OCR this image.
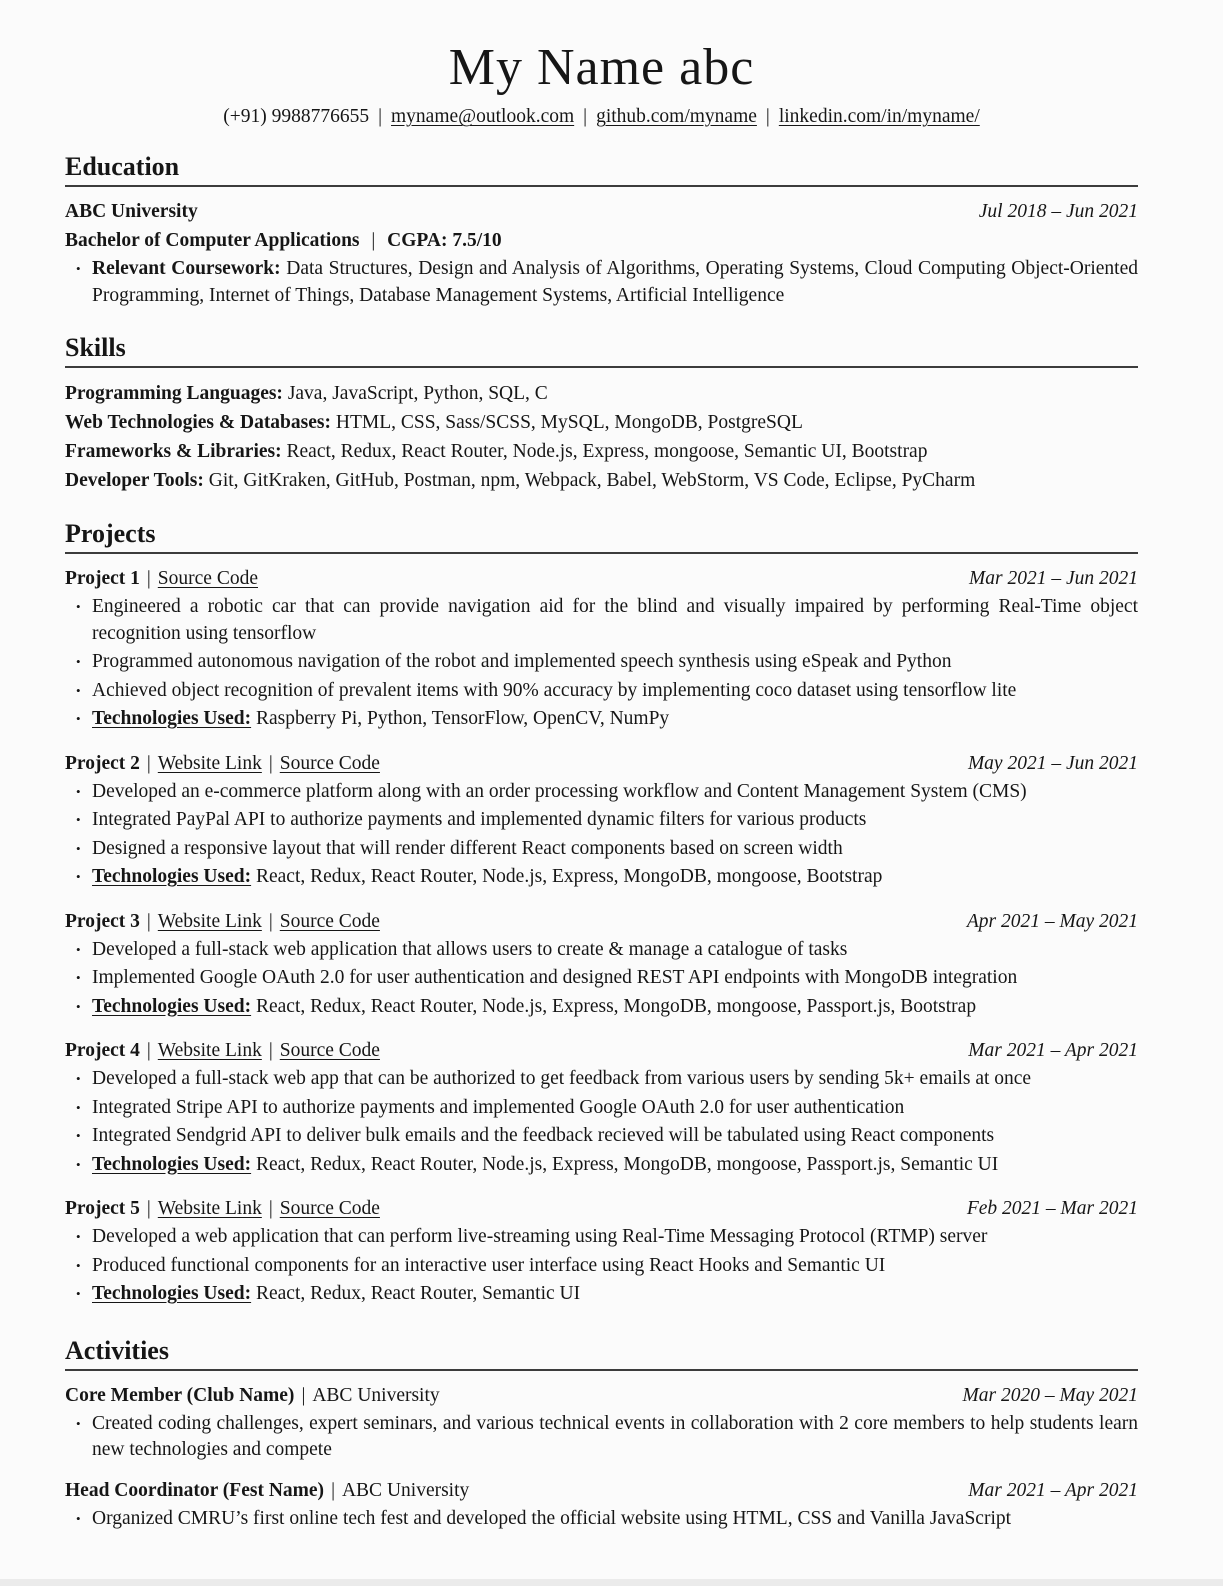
My Name abc
(+91) 9988776655 | myname@outlook.com | github.com/myname | linkedin.com/in/myname/
Education
ABC University	Jul 2018 – Jun 2021
Bachelor of Computer Applications | CGPA: 7.5/10
• Relevant Coursework: Data Structures, Design and Analysis of Algorithms, Operating Systems, Cloud Computing Object-Oriented Programming, Internet of Things, Database Management Systems, Artificial Intelligence
Skills
Programming Languages: Java, JavaScript, Python, SQL, C
Web Technologies & Databases: HTML, CSS, Sass/SCSS, MySQL, MongoDB, PostgreSQL
Frameworks & Libraries: React, Redux, React Router, Node.js, Express, mongoose, Semantic UI, Bootstrap
Developer Tools: Git, GitKraken, GitHub, Postman, npm, Webpack, Babel, WebStorm, VS Code, Eclipse, PyCharm
Projects
Project 1 | Source Code	Mar 2021 – Jun 2021
• Engineered a robotic car that can provide navigation aid for the blind and visually impaired by performing Real-Time object recognition using tensorflow
• Programmed autonomous navigation of the robot and implemented speech synthesis using eSpeak and Python
• Achieved object recognition of prevalent items with 90% accuracy by implementing coco dataset using tensorflow lite
• Technologies Used: Raspberry Pi, Python, TensorFlow, OpenCV, NumPy
Project 2 | Website Link | Source Code	May 2021 – Jun 2021
• Developed an e-commerce platform along with an order processing workflow and Content Management System (CMS)
• Integrated PayPal API to authorize payments and implemented dynamic filters for various products
• Designed a responsive layout that will render different React components based on screen width
• Technologies Used: React, Redux, React Router, Node.js, Express, MongoDB, mongoose, Bootstrap
Project 3 | Website Link | Source Code	Apr 2021 – May 2021
• Developed a full-stack web application that allows users to create & manage a catalogue of tasks
• Implemented Google OAuth 2.0 for user authentication and designed REST API endpoints with MongoDB integration
• Technologies Used: React, Redux, React Router, Node.js, Express, MongoDB, mongoose, Passport.js, Bootstrap
Project 4 | Website Link | Source Code	Mar 2021 – Apr 2021
• Developed a full-stack web app that can be authorized to get feedback from various users by sending 5k+ emails at once
• Integrated Stripe API to authorize payments and implemented Google OAuth 2.0 for user authentication
• Integrated Sendgrid API to deliver bulk emails and the feedback recieved will be tabulated using React components
• Technologies Used: React, Redux, React Router, Node.js, Express, MongoDB, mongoose, Passport.js, Semantic UI
Project 5 | Website Link | Source Code	Feb 2021 – Mar 2021
• Developed a web application that can perform live-streaming using Real-Time Messaging Protocol (RTMP) server
• Produced functional components for an interactive user interface using React Hooks and Semantic UI
• Technologies Used: React, Redux, React Router, Semantic UI
Activities
Core Member (Club Name) | ABC University	Mar 2020 – May 2021
• Created coding challenges, expert seminars, and various technical events in collaboration with 2 core members to help students learn new technologies and compete
Head Coordinator (Fest Name) | ABC University	Mar 2021 – Apr 2021
• Organized CMRU’s first online tech fest and developed the official website using HTML, CSS and Vanilla JavaScript
